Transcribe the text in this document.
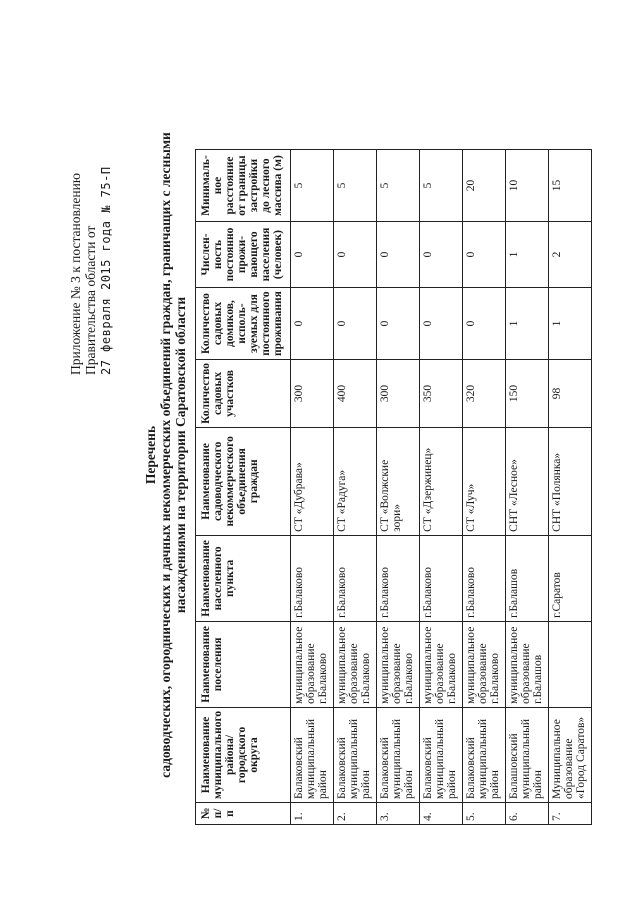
Приложение № 3 к постановлению Правительства области от 27 февраля 2015 года № 75-П
Перечень садоводческих, огороднических и дачных некоммерческих объединений граждан, граничащих с лесными насаждениями на территории Саратовской области
№ п/п	Наименование муниципального района/ городского округа	Наименование поселения	Наименование населенного пункта	Наименование садоводческого некоммерческого объединения граждан	Количество садовых участков	Количество садовых домиков, исполь-зуемых для постоянного проживания	Числен-ность постоянно прожи-вающего населения (человек)	Минималь-ное расстояние от границы застройки до лесного массива (м)
1.	Балаковский муниципальный район	муниципальное образование г.Балаково	г.Балаково	СТ «Дубрава»	300	0	0	5
2.	Балаковский муниципальный район	муниципальное образование г.Балаково	г.Балаково	СТ «Радуга»	400	0	0	5
3.	Балаковский муниципальный район	муниципальное образование г.Балаково	г.Балаково	СТ «Волжские зори»	300	0	0	5
4.	Балаковский муниципальный район	муниципальное образование г.Балаково	г.Балаково	СТ «Дзержинец»	350	0	0	5
5.	Балаковский муниципальный район	муниципальное образование г.Балаково	г.Балаково	СТ «Луч»	320	0	0	20
6.	Балашовский муниципальный район	муниципальное образование г.Балашов	г.Балашов	СНТ «Лесное»	150	1	1	10
7.	Муниципальное образование «Город Саратов»		г.Саратов	СНТ «Полянка»	98	1	2	15
